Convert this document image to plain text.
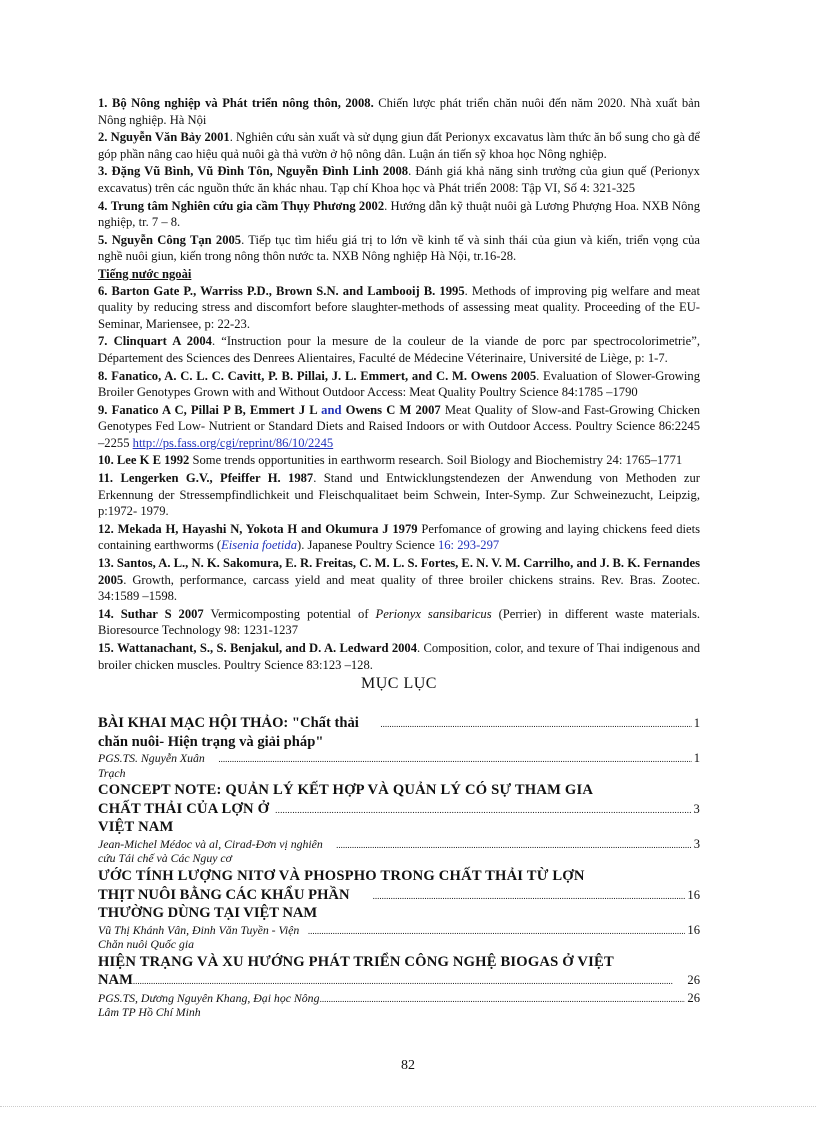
1. Bộ Nông nghiệp và Phát triển nông thôn, 2008. Chiến lược phát triển chăn nuôi đến năm 2020. Nhà xuất bản Nông nghiệp. Hà Nội

2. Nguyễn Văn Bảy 2001. Nghiên cứu sản xuất và sử dụng giun đất Perionyx excavatus làm thức ăn bổ sung cho gà để góp phần nâng cao hiệu quả nuôi gà thả vườn ở hộ nông dân. Luận án tiến sỹ khoa học Nông nghiệp.

3. Đặng Vũ Bình, Vũ Đình Tôn, Nguyễn Đình Linh 2008. Đánh giá khả năng sinh trưởng của giun quế (Perionyx excavatus) trên các nguồn thức ăn khác nhau. Tạp chí Khoa học và Phát triển 2008: Tập VI, Số 4: 321-325

4. Trung tâm Nghiên cứu gia cầm Thụy Phương 2002. Hướng dẫn kỹ thuật nuôi gà Lương Phượng Hoa. NXB Nông nghiệp, tr. 7 – 8.

5. Nguyễn Công Tạn 2005. Tiếp tục tìm hiểu giá trị to lớn về kinh tế và sinh thái của giun và kiến, triển vọng của nghề nuôi giun, kiến trong nông thôn nước ta. NXB Nông nghiệp Hà Nội, tr.16-28.

Tiếng nước ngoài

6. Barton Gate P., Warriss P.D., Brown S.N. and Lambooij B. 1995. Methods of improving pig welfare and meat quality by reducing stress and discomfort before slaughter-methods of assessing meat quality. Proceeding of the EU-Seminar, Mariensee, p: 22-23.

7. Clinquart A 2004. “Instruction pour la mesure de la couleur de la viande de porc par spectrocolorimetrie”, Département des Sciences des Denrees Alientaires, Faculté de Médecine Véterinaire, Université de Liège, p: 1-7.

8. Fanatico, A. C. L. C. Cavitt, P. B. Pillai, J. L. Emmert, and C. M. Owens 2005. Evaluation of Slower-Growing Broiler Genotypes Grown with and Without Outdoor Access: Meat Quality Poultry Science 84:1785 –1790

9. Fanatico A C, Pillai P B, Emmert J L and Owens C M 2007 Meat Quality of Slow-and Fast-Growing Chicken Genotypes Fed Low- Nutrient or Standard Diets and Raised Indoors or with Outdoor Access. Poultry Science 86:2245 –2255 http://ps.fass.org/cgi/reprint/86/10/2245

10. Lee K E 1992 Some trends opportunities in earthworm research. Soil Biology and Biochemistry 24: 1765–1771

11. Lengerken G.V., Pfeiffer H. 1987. Stand und Entwicklungstendezen der Anwendung von Methoden zur Erkennung der Stressempfindlichkeit und Fleischqualitaet beim Schwein, Inter-Symp. Zur Schweinezucht, Leipzig, p:1972- 1979.

12. Mekada H, Hayashi N, Yokota H and Okumura J 1979 Perfomance of growing and laying chickens feed diets containing earthworms (Eisenia foetida). Japanese Poultry Science 16: 293-297

13. Santos, A. L., N. K. Sakomura, E. R. Freitas, C. M. L. S. Fortes, E. N. V. M. Carrilho, and J. B. K. Fernandes 2005. Growth, performance, carcass yield and meat quality of three broiler chickens strains. Rev. Bras. Zootec. 34:1589 –1598.

14. Suthar S 2007 Vermicomposting potential of Perionyx sansibaricus (Perrier) in different waste materials. Bioresource Technology 98: 1231-1237

15. Wattanachant, S., S. Benjakul, and D. A. Ledward 2004. Composition, color, and texure of Thai indigenous and broiler chicken muscles. Poultry Science 83:123 –128.

MỤC LỤC
BÀI KHAI MẠC HỘI THẢO: "Chất thải chăn nuôi- Hiện trạng và giải pháp"
.....
1
PGS.TS. Nguyễn Xuân Trạch
.....
1
CONCEPT NOTE: QUẢN LÝ KẾT HỢP VÀ QUẢN LÝ CÓ SỰ THAM GIA
CHẤT THẢI CỦA LỢN Ở VIỆT NAM
.....
3
Jean-Michel Médoc và al, Cirad-Đơn vị nghiên cứu Tái chế và Các Nguy cơ
.....
3
ƯỚC TÍNH LƯỢNG NITƠ VÀ PHOSPHO TRONG CHẤT THẢI TỪ LỢN
THỊT NUÔI BẰNG CÁC KHẨU PHẦN THƯỜNG DÙNG TẠI VIỆT NAM
.....
16
Vũ Thị Khánh Vân, Đinh Văn Tuyền - Viện Chăn nuôi Quốc gia
.....
16
HIỆN TRẠNG VÀ XU HƯỚNG PHÁT TRIỂN CÔNG NGHỆ BIOGAS Ở VIỆT
NAM
.....	26
PGS.TS, Dương Nguyên Khang, Đại học Nông Lâm TP Hồ Chí Minh
.....
26
82
